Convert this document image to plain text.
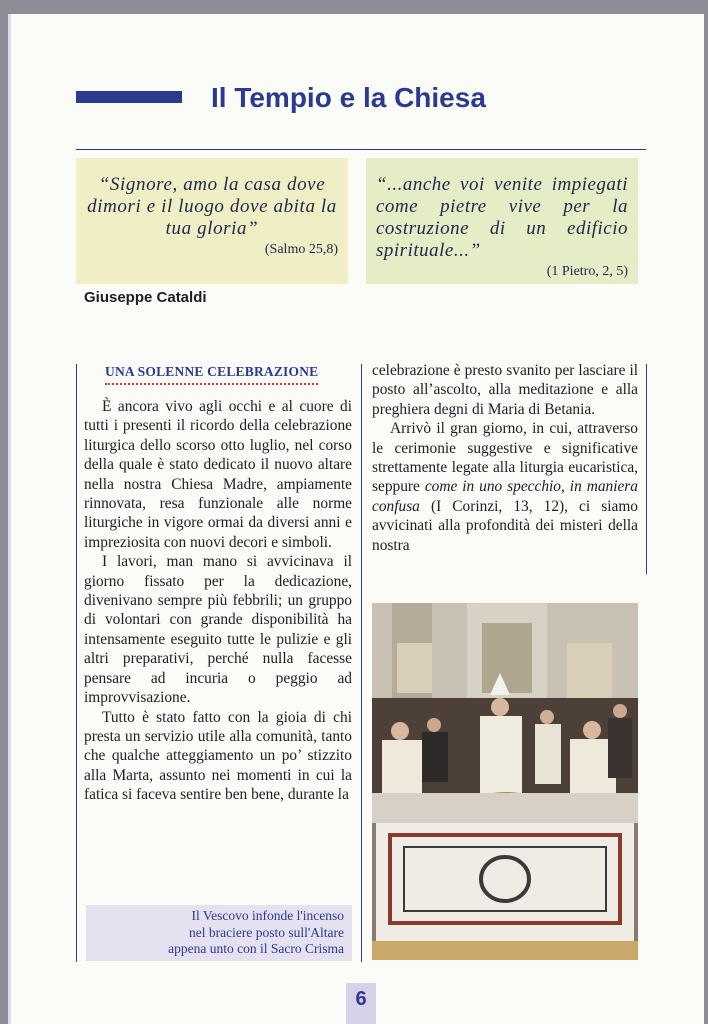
Il Tempio e la Chiesa
“Signore, amo la casa dove dimori e il luogo dove abita la tua gloria”
(Salmo 25,8)
“...anche voi venite impiegati come pietre vive per la costruzione di un edificio spirituale...”
(1 Pietro, 2, 5)
Giuseppe Cataldi
UNA SOLENNE CELEBRAZIONE

È ancora vivo agli occhi e al cuore di tutti i presenti il ricordo della celebrazione liturgica dello scorso otto luglio, nel corso della quale è stato dedicato il nuovo altare nella nostra Chiesa Madre, ampiamente rinnovata, resa funzionale alle norme liturgiche in vigore ormai da diversi anni e impreziosita con nuovi decori e simboli.

I lavori, man mano si avvicinava il giorno fissato per la dedicazione, divenivano sempre più febbrili; un gruppo di volontari con grande disponibilità ha intensamente eseguito tutte le pulizie e gli altri preparativi, perché nulla facesse pensare ad incuria o peggio ad improvvisazione.

Tutto è stato fatto con la gioia di chi presta un servizio utile alla comunità, tanto che qualche atteggiamento un po’ stizzito alla Marta, assunto nei momenti in cui la fatica si faceva sentire ben bene, durante la

celebrazione è presto svanito per lasciare il posto all’ascolto, alla meditazione e alla preghiera degni di Maria di Betania.

Arrivò il gran giorno, in cui, attraverso le cerimonie suggestive e significative strettamente legate alla liturgia eucaristica, seppure come in uno specchio, in maniera confusa (I Corinzi, 13, 12), ci siamo avvicinati alla profondità dei misteri della nostra

Il Vescovo infonde l'incenso
nel braciere posto sull'Altare
appena unto con il Sacro Crisma
6
